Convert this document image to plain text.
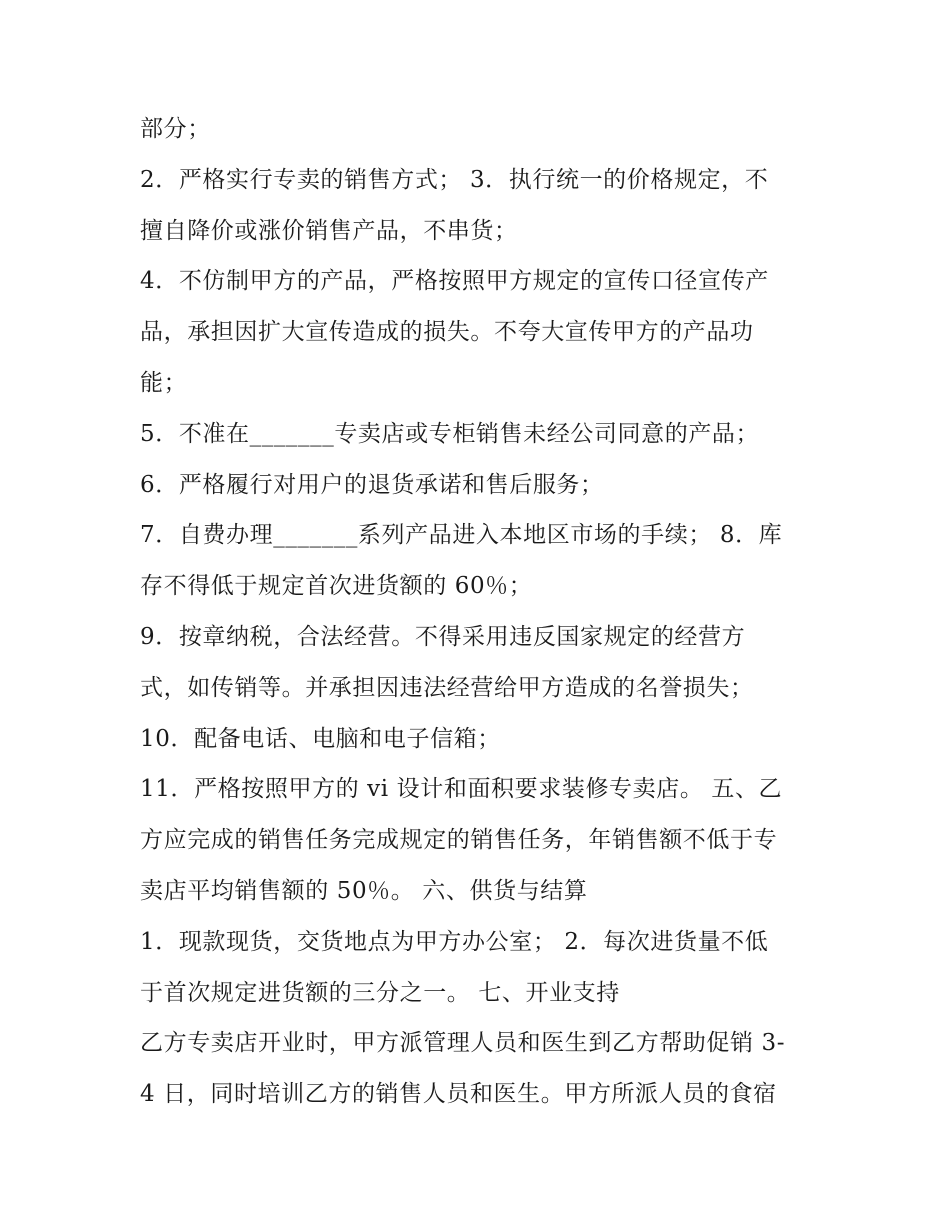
部分；
2．严格实行专卖的销售方式； 3．执行统一的价格规定，不
擅自降价或涨价销售产品，不串货；
4．不仿制甲方的产品，严格按照甲方规定的宣传口径宣传产
品，承担因扩大宣传造成的损失。不夸大宣传甲方的产品功
能；
5．不准在_______专卖店或专柜销售未经公司同意的产品；
6．严格履行对用户的退货承诺和售后服务；
7．自费办理_______系列产品进入本地区市场的手续； 8．库
存不得低于规定首次进货额的 60％；
9．按章纳税，合法经营。不得采用违反国家规定的经营方
式，如传销等。并承担因违法经营给甲方造成的名誉损失；
10．配备电话、电脑和电子信箱；
11．严格按照甲方的 vi 设计和面积要求装修专卖店。 五、乙
方应完成的销售任务完成规定的销售任务，年销售额不低于专
卖店平均销售额的 50％。 六、供货与结算
1．现款现货，交货地点为甲方办公室； 2．每次进货量不低
于首次规定进货额的三分之一。 七、开业支持
乙方专卖店开业时，甲方派管理人员和医生到乙方帮助促销 3-
4 日，同时培训乙方的销售人员和医生。甲方所派人员的食宿
